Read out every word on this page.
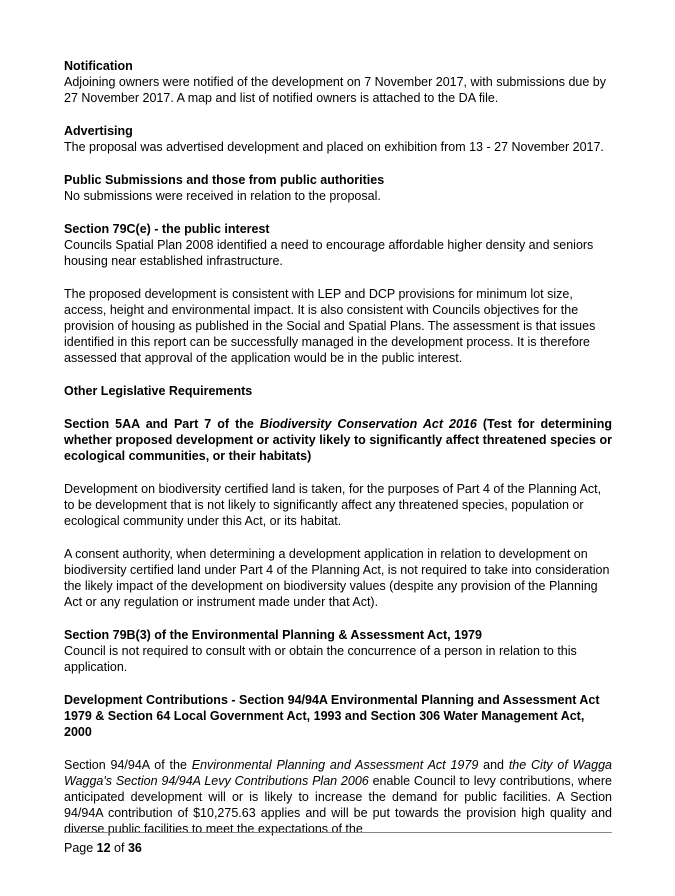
Notification

Adjoining owners were notified of the development on 7 November 2017, with submissions due by 27 November 2017. A map and list of notified owners is attached to the DA file.

Advertising

The proposal was advertised development and placed on exhibition from 13 - 27 November 2017.

Public Submissions and those from public authorities

No submissions were received in relation to the proposal.

Section 79C(e) - the public interest

Councils Spatial Plan 2008 identified a need to encourage affordable higher density and seniors housing near established infrastructure.

The proposed development is consistent with LEP and DCP provisions for minimum lot size, access, height and environmental impact. It is also consistent with Councils objectives for the provision of housing as published in the Social and Spatial Plans. The assessment is that issues identified in this report can be successfully managed in the development process. It is therefore assessed that approval of the application would be in the public interest.

Other Legislative Requirements

Section 5AA and Part 7 of the Biodiversity Conservation Act 2016 (Test for determining whether proposed development or activity likely to significantly affect threatened species or ecological communities, or their habitats)

Development on biodiversity certified land is taken, for the purposes of Part 4 of the Planning Act, to be development that is not likely to significantly affect any threatened species, population or ecological community under this Act, or its habitat.

A consent authority, when determining a development application in relation to development on biodiversity certified land under Part 4 of the Planning Act, is not required to take into consideration the likely impact of the development on biodiversity values (despite any provision of the Planning Act or any regulation or instrument made under that Act).

Section 79B(3) of the Environmental Planning & Assessment Act, 1979

Council is not required to consult with or obtain the concurrence of a person in relation to this application.

Development Contributions - Section 94/94A Environmental Planning and Assessment Act 1979 & Section 64 Local Government Act, 1993 and Section 306 Water Management Act, 2000

Section 94/94A of the Environmental Planning and Assessment Act 1979 and the City of Wagga Wagga's Section 94/94A Levy Contributions Plan 2006 enable Council to levy contributions, where anticipated development will or is likely to increase the demand for public facilities. A Section 94/94A contribution of $10,275.63 applies and will be put towards the provision high quality and diverse public facilities to meet the expectations of the

Page 12 of 36
